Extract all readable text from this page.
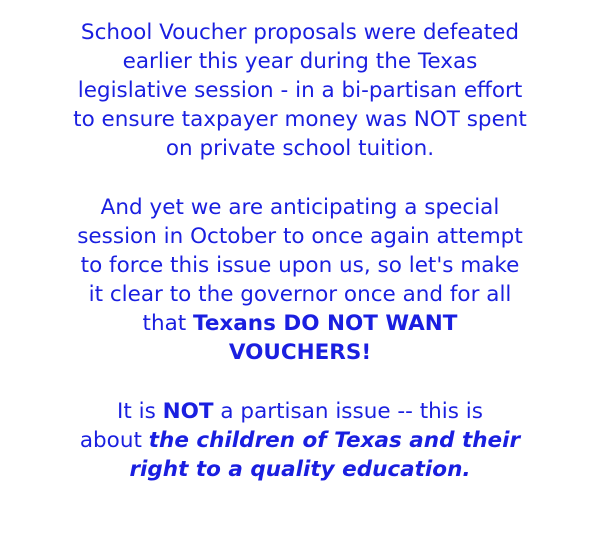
School Voucher proposals were defeated
earlier this year during the Texas
legislative session - in a bi-partisan effort
to ensure taxpayer money was NOT spent
on private school tuition.

And yet we are anticipating a special
session in October to once again attempt
to force this issue upon us, so let's make
it clear to the governor once and for all
that Texans DO NOT WANT
VOUCHERS!

It is NOT a partisan issue -- this is
about the children of Texas and their
right to a quality education.
